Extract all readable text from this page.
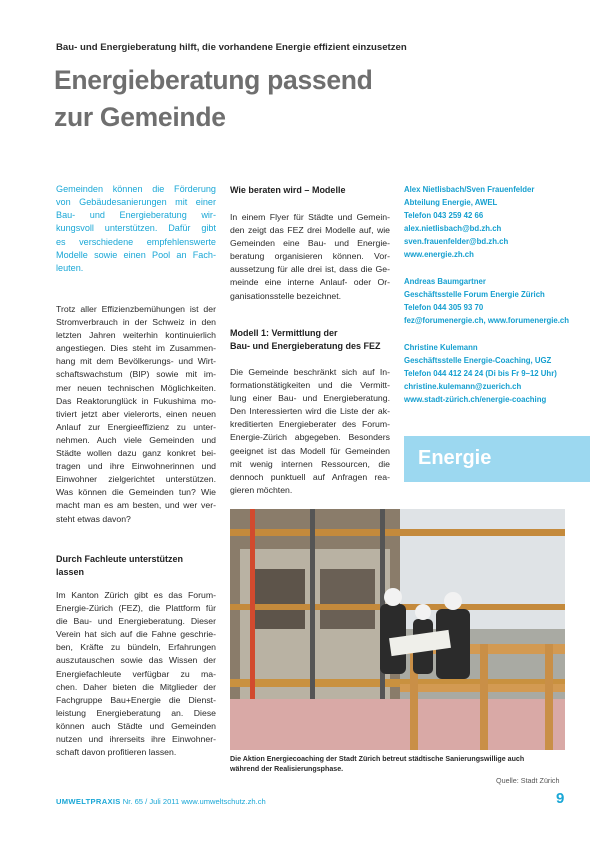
Bau- und Energieberatung hilft, die vorhandene Energie effizient einzusetzen
Energieberatung passend
zur Gemeinde
Gemeinden können die Förderung
von Gebäudesanierungen mit einer
Bau- und Energieberatung wir-
kungsvoll unterstützen. Dafür gibt
es verschiedene empfehlenswerte
Modelle sowie einen Pool an Fach-
leuten.
Trotz aller Effizienzbemühungen ist der
Stromverbrauch in der Schweiz in den
letzten Jahren weiterhin kontinuierlich
angestiegen. Dies steht im Zusammen-
hang mit dem Bevölkerungs- und Wirt-
schaftswachstum (BIP) sowie mit im-
mer neuen technischen Möglichkeiten.
Das Reaktorunglück in Fukushima mo-
tiviert jetzt aber vielerorts, einen neuen
Anlauf zur Energieeffizienz zu unter-
nehmen. Auch viele Gemeinden und
Städte wollen dazu ganz konkret bei-
tragen und ihre Einwohnerinnen und
Einwohner zielgerichtet unterstützen.
Was können die Gemeinden tun? Wie
macht man es am besten, und wer ver-
steht etwas davon?
Durch Fachleute unterstützen
lassen
Im Kanton Zürich gibt es das Forum-
Energie-Zürich (FEZ), die Plattform für
die Bau- und Energieberatung. Dieser
Verein hat sich auf die Fahne geschrie-
ben, Kräfte zu bündeln, Erfahrungen
auszutauschen sowie das Wissen der
Energiefachleute verfügbar zu ma-
chen. Daher bieten die Mitglieder der
Fachgruppe Bau+Energie die Dienst-
leistung Energieberatung an. Diese
können auch Städte und Gemeinden
nutzen und ihrerseits ihre Einwohner-
schaft davon profitieren lassen.
Wie beraten wird – Modelle
In einem Flyer für Städte und Gemein-
den zeigt das FEZ drei Modelle auf, wie
Gemeinden eine Bau- und Energie-
beratung organisieren können. Vor-
aussetzung für alle drei ist, dass die Ge-
meinde eine interne Anlauf- oder Or-
ganisationsstelle bezeichnet.
Modell 1: Vermittlung der
Bau- und Energieberatung des FEZ
Die Gemeinde beschränkt sich auf In-
formationstätigkeiten und die Vermitt-
lung einer Bau- und Energieberatung.
Den Interessierten wird die Liste der ak-
kreditierten Energieberater des Forum-
Energie-Zürich abgegeben. Besonders
geeignet ist das Modell für Gemeinden
mit wenig internen Ressourcen, die
dennoch punktuell auf Anfragen rea-
gieren möchten.
Alex Nietlisbach/Sven Frauenfelder
Abteilung Energie, AWEL
Telefon 043 259 42 66
alex.nietlisbach@bd.zh.ch
sven.frauenfelder@bd.zh.ch
www.energie.zh.ch
Andreas Baumgartner
Geschäftsstelle Forum Energie Zürich
Telefon 044 305 93 70
fez@forumenergie.ch, www.forumenergie.ch
Christine Kulemann
Geschäftsstelle Energie-Coaching, UGZ
Telefon 044 412 24 24 (Di bis Fr 9–12 Uhr)
christine.kulemann@zuerich.ch
www.stadt-zürich.ch/energie-coaching
Energie
Die Aktion Energiecoaching der Stadt Zürich betreut städtische Sanierungswillige auch
während der Realisierungsphase.
Quelle: Stadt Zürich
UMWELTPRAXIS Nr. 65 / Juli 2011 www.umweltschutz.zh.ch	9
